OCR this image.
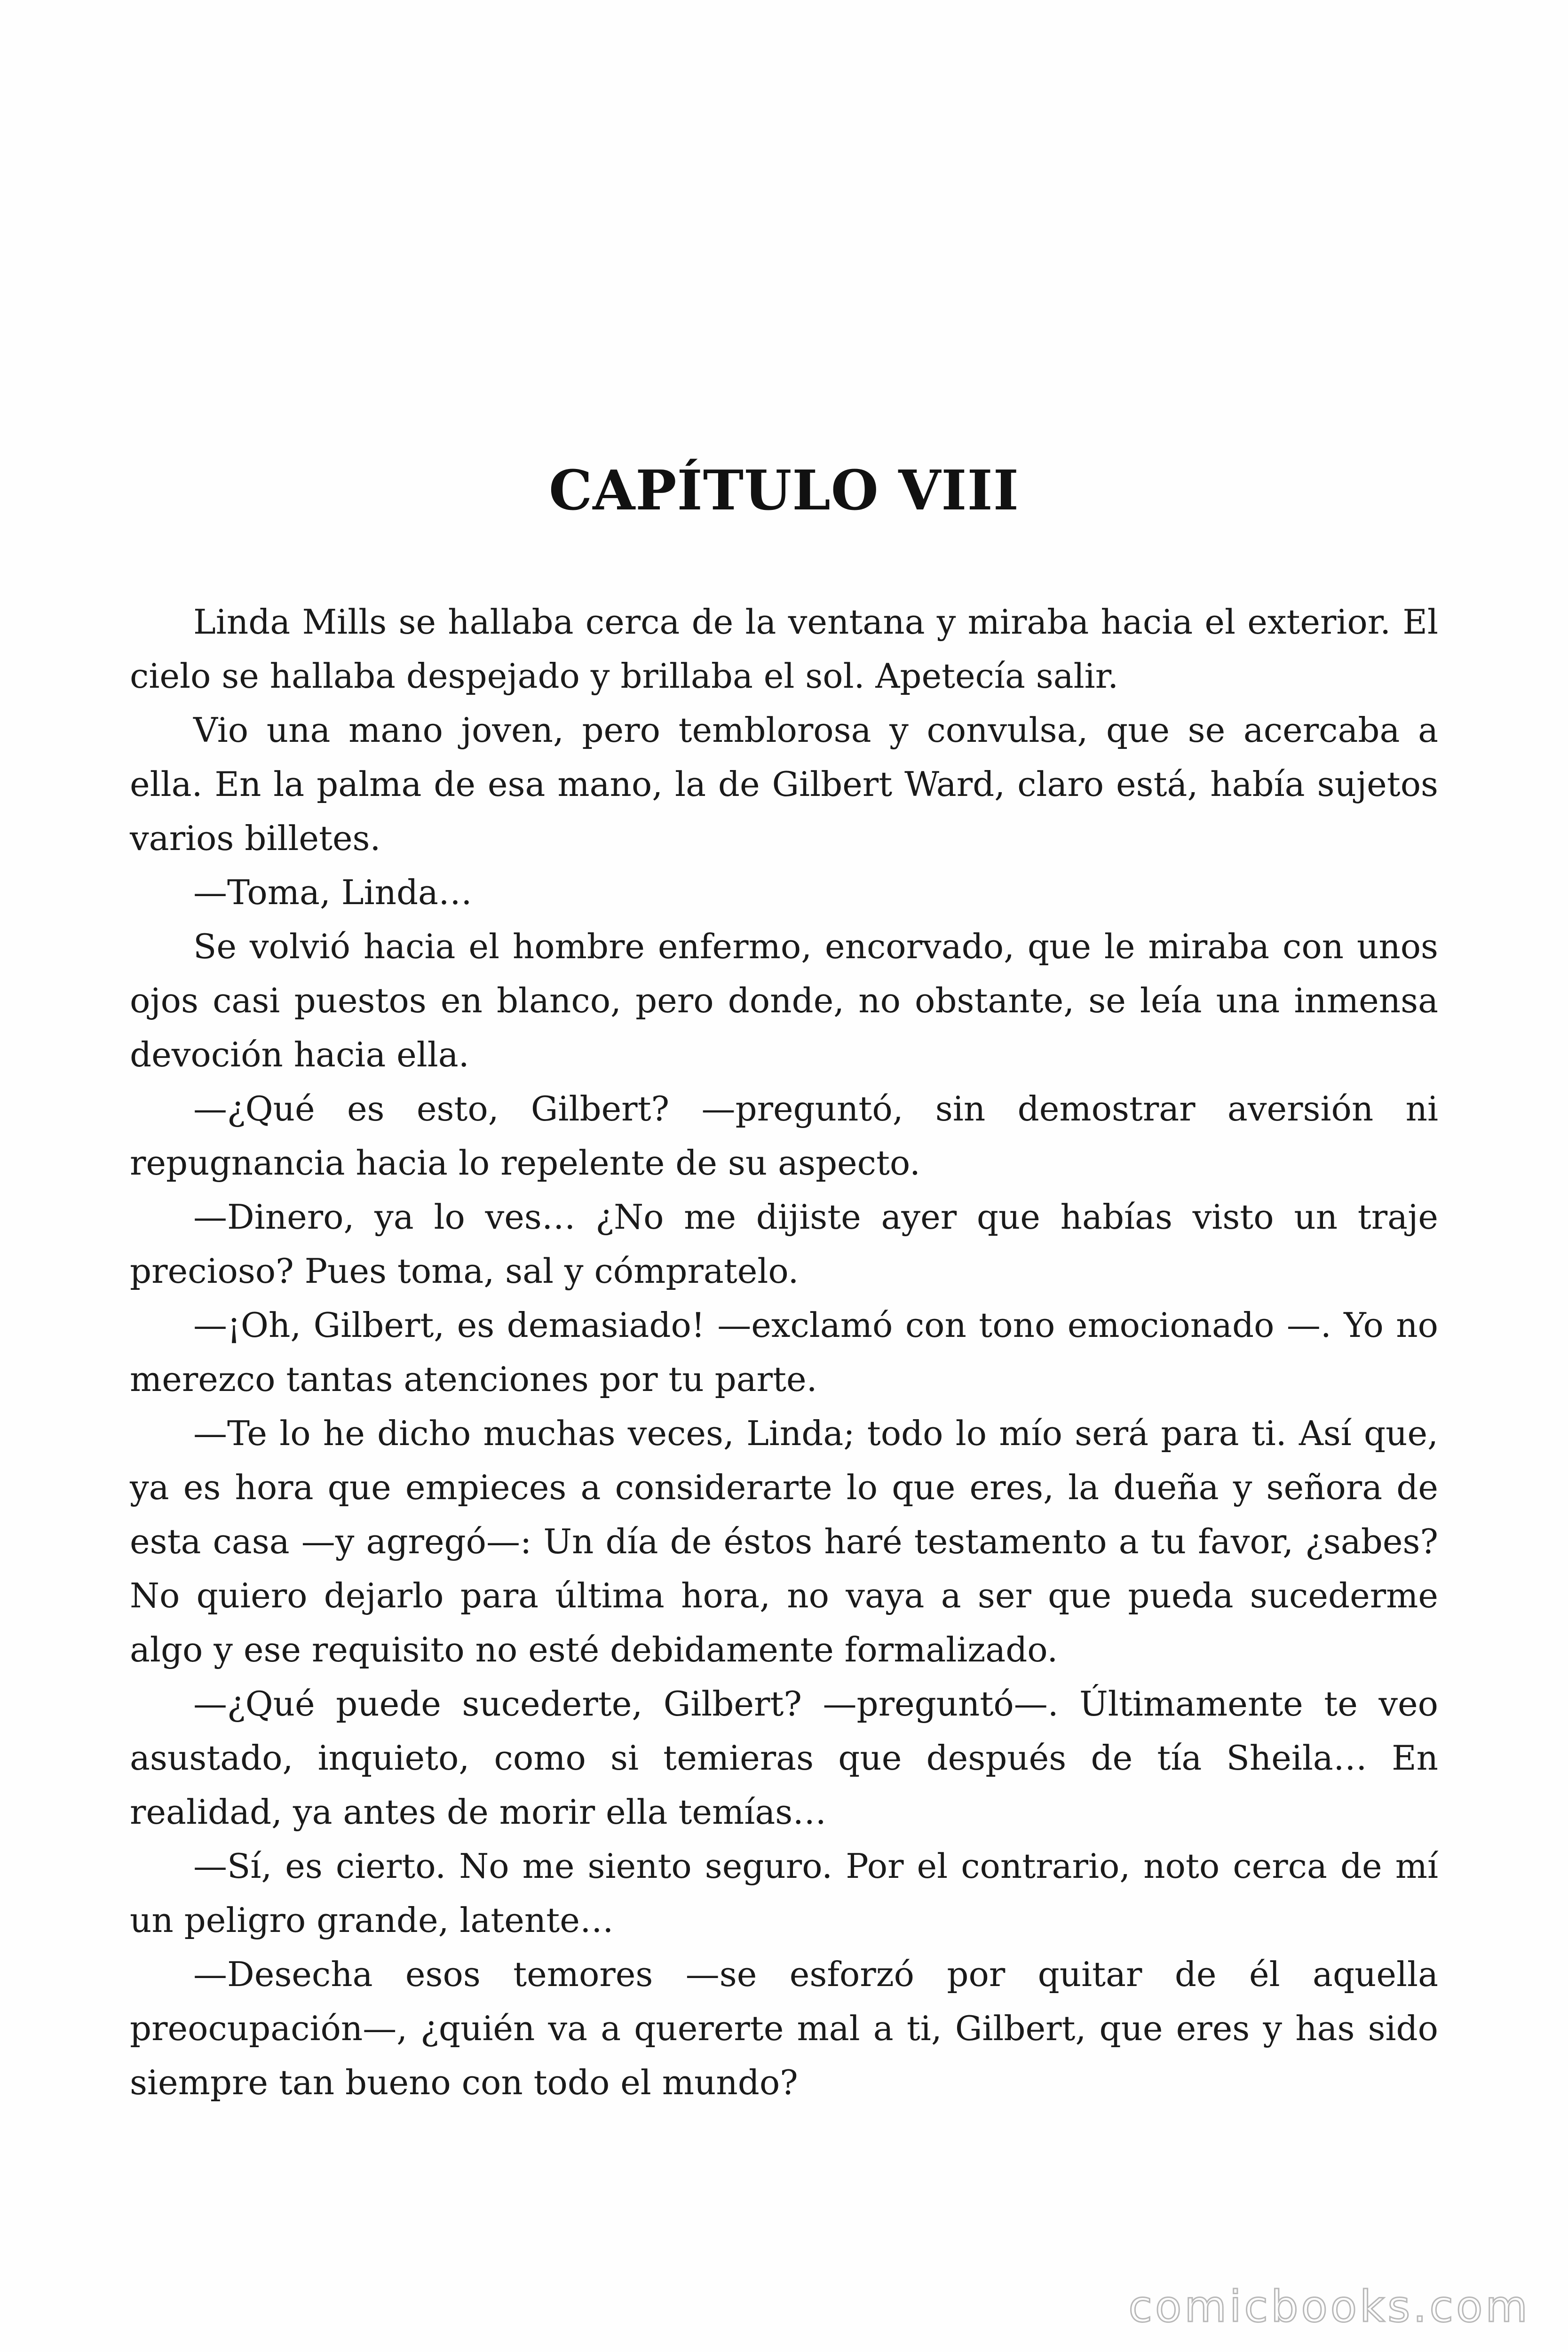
CAPÍTULO VIII

Linda Mills se hallaba cerca de la ventana y miraba hacia el exterior. El cielo se hallaba despejado y brillaba el sol. Apetecía salir.

Vio una mano joven, pero temblorosa y convulsa, que se acercaba a ella. En la palma de esa mano, la de Gilbert Ward, claro está, había sujetos varios billetes.

—Toma, Linda…

Se volvió hacia el hombre enfermo, encorvado, que le miraba con unos ojos casi puestos en blanco, pero donde, no obstante, se leía una inmensa devoción hacia ella.

—¿Qué es esto, Gilbert? —preguntó, sin demostrar aversión ni repugnancia hacia lo repelente de su aspecto.

—Dinero, ya lo ves… ¿No me dijiste ayer que habías visto un traje precioso? Pues toma, sal y cómpratelo.

—¡Oh, Gilbert, es demasiado! —exclamó con tono emocionado —. Yo no merezco tantas atenciones por tu parte.

—Te lo he dicho muchas veces, Linda; todo lo mío será para ti. Así que, ya es hora que empieces a considerarte lo que eres, la dueña y señora de esta casa —y agregó—: Un día de éstos haré testamento a tu favor, ¿sabes? No quiero dejarlo para última hora, no vaya a ser que pueda sucederme algo y ese requisito no esté debidamente formalizado.

—¿Qué puede sucederte, Gilbert? —preguntó—. Últimamente te veo asustado, inquieto, como si temieras que después de tía Sheila… En realidad, ya antes de morir ella temías…

—Sí, es cierto. No me siento seguro. Por el contrario, noto cerca de mí un peligro grande, latente…

—Desecha esos temores —se esforzó por quitar de él aquella preocupación—, ¿quién va a quererte mal a ti, Gilbert, que eres y has sido siempre tan bueno con todo el mundo?

comicbooks.com
